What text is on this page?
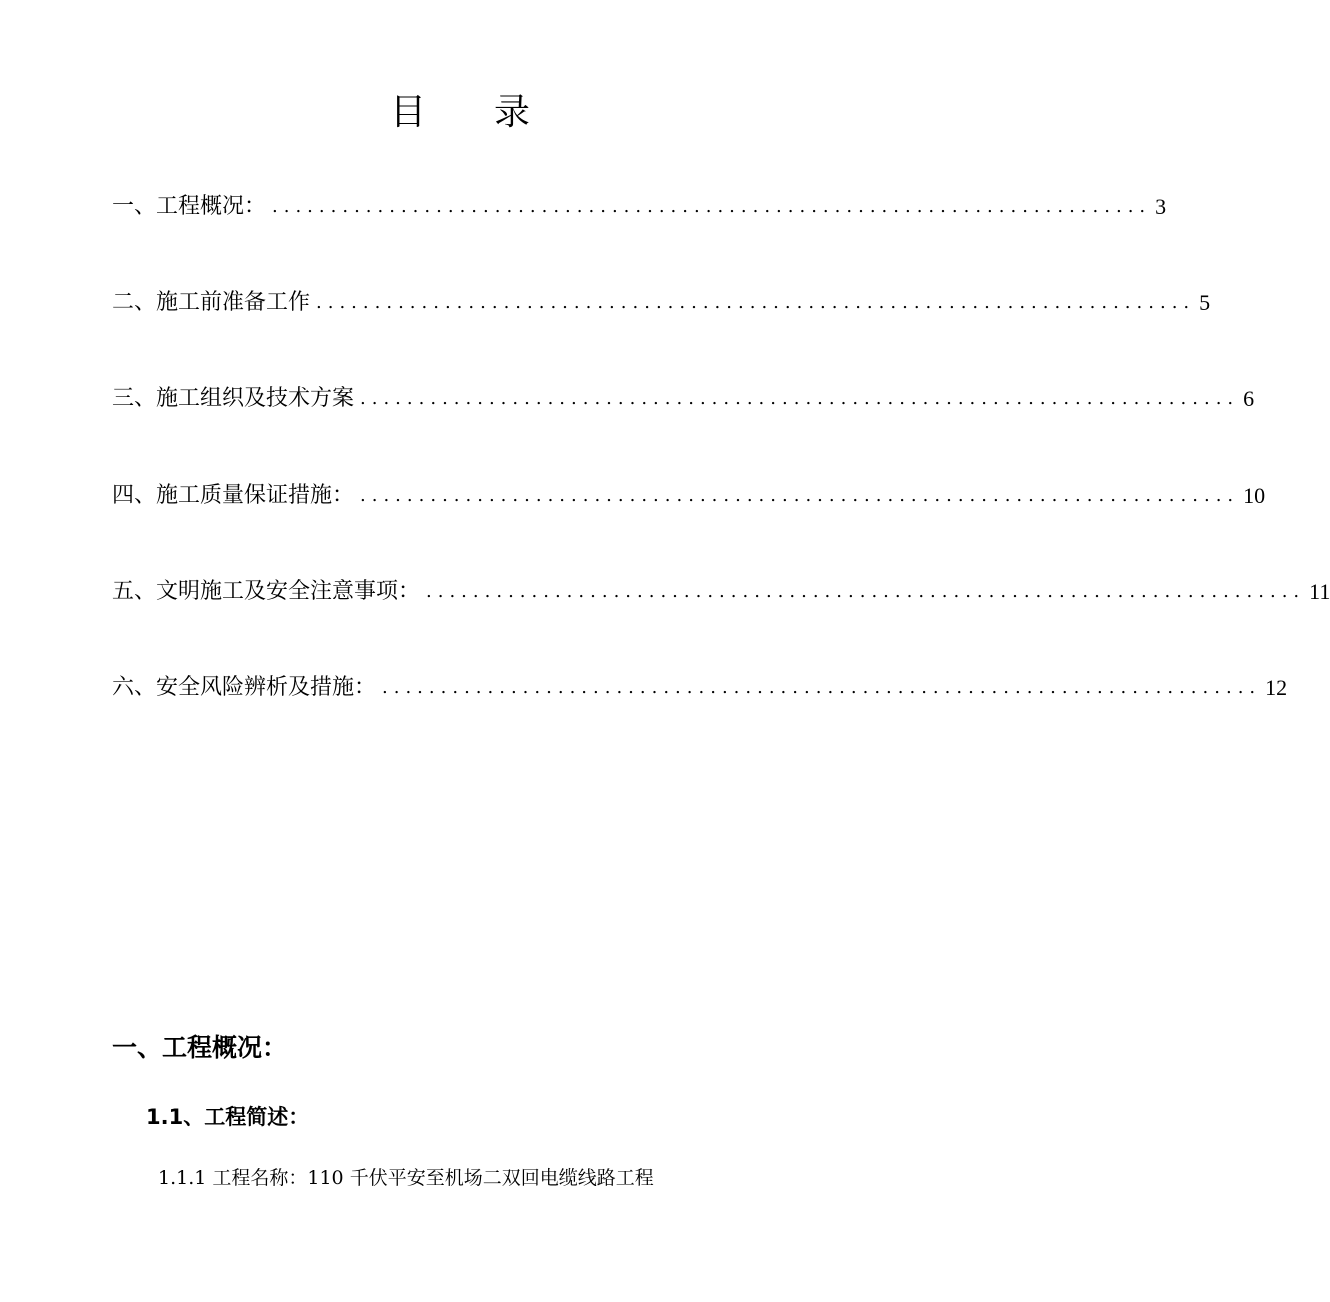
目 录
一、工程概况： ........................................................................... 3
二、施工前准备工作 ........................................................................... 5
三、施工组织及技术方案 ........................................................................... 6
四、施工质量保证措施： ........................................................................... 10
五、文明施工及安全注意事项： ........................................................................... 11
六、安全风险辨析及措施： ........................................................................... 12
一、工程概况：
1.1、工程简述：
1.1.1 工程名称：110 千伏平安至机场二双回电缆线路工程
